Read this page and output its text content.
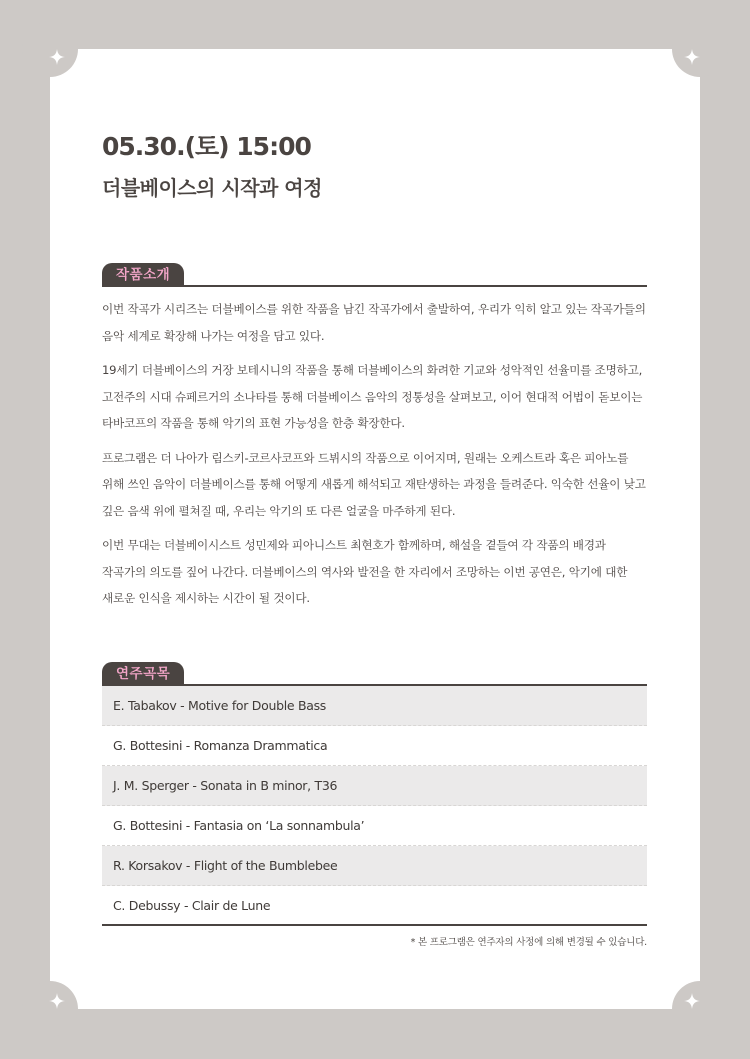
05.30.(토) 15:00
더블베이스의 시작과 여정
작품소개

이번 작곡가 시리즈는 더블베이스를 위한 작품을 남긴 작곡가에서 출발하여, 우리가 익히 알고 있는 작곡가들의 음악 세계로 확장해 나가는 여정을 담고 있다.

19세기 더블베이스의 거장 보테시니의 작품을 통해 더블베이스의 화려한 기교와 성악적인 선율미를 조명하고, 고전주의 시대 슈페르거의 소나타를 통해 더블베이스 음악의 정통성을 살펴보고, 이어 현대적 어법이 돋보이는 타바코프의 작품을 통해 악기의 표현 가능성을 한층 확장한다.

프로그램은 더 나아가 림스키-코르사코프와 드뷔시의 작품으로 이어지며, 원래는 오케스트라 혹은 피아노를 위해 쓰인 음악이 더블베이스를 통해 어떻게 새롭게 해석되고 재탄생하는 과정을 들려준다. 익숙한 선율이 낮고 깊은 음색 위에 펼쳐질 때, 우리는 악기의 또 다른 얼굴을 마주하게 된다.

이번 무대는 더블베이시스트 성민제와 피아니스트 최현호가 함께하며, 해설을 곁들여 각 작품의 배경과 작곡가의 의도를 짚어 나간다. 더블베이스의 역사와 발전을 한 자리에서 조망하는 이번 공연은, 악기에 대한 새로운 인식을 제시하는 시간이 될 것이다.

연주곡목
E. Tabakov - Motive for Double Bass
G. Bottesini - Romanza Drammatica
J. M. Sperger - Sonata in B minor, T36
G. Bottesini - Fantasia on ‘La sonnambula’
R. Korsakov - Flight of the Bumblebee
C. Debussy - Clair de Lune
* 본 프로그램은 연주자의 사정에 의해 변경될 수 있습니다.
